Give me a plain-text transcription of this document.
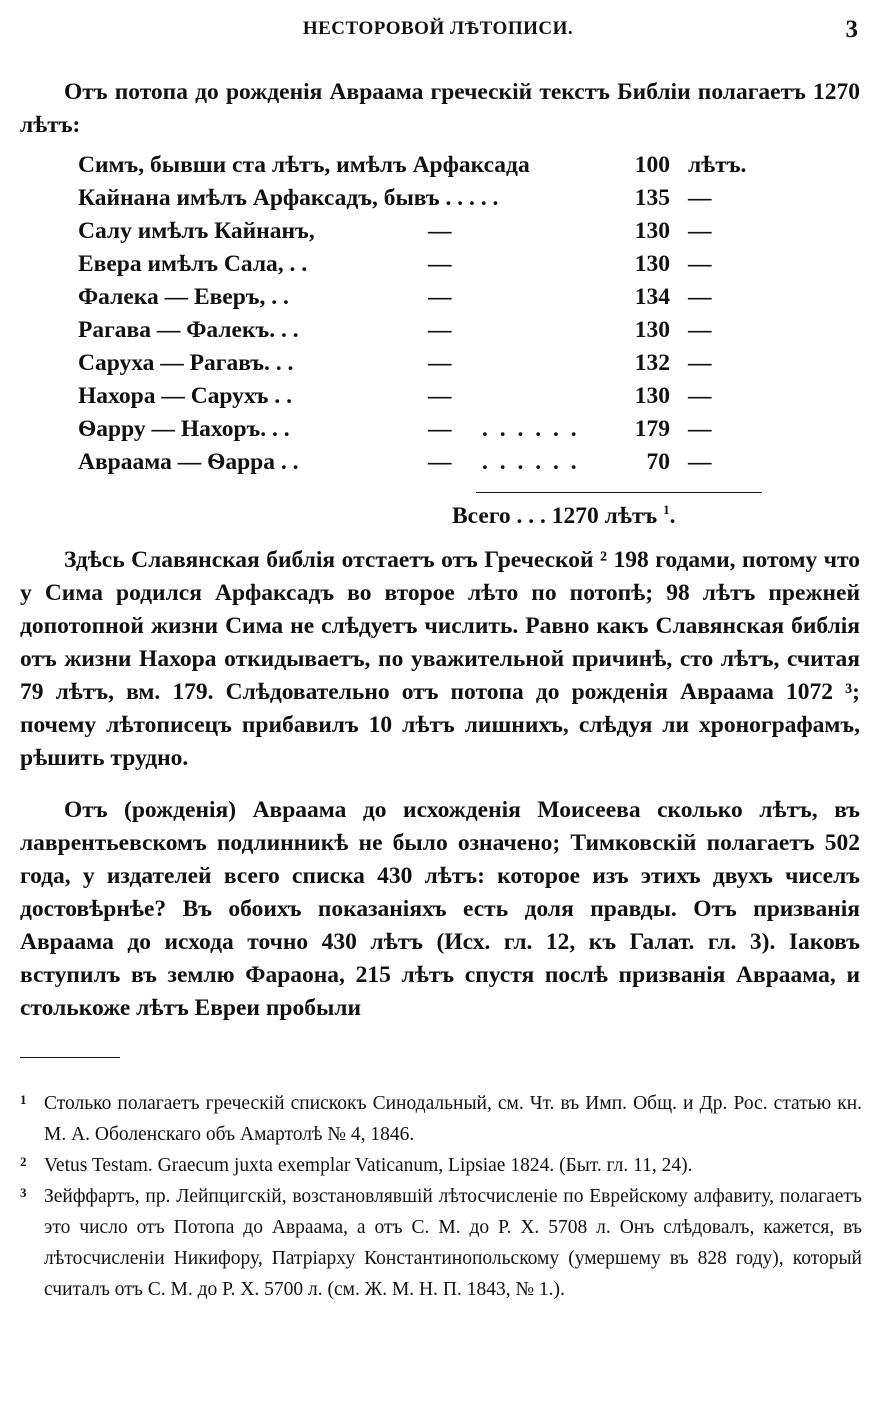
НЕСТОРОВОЙ ЛѢТОПИСИ.	3

Отъ потопа до рожденія Авраама греческій текстъ Библіи полагаетъ 1270 лѣтъ:

Симъ, бывши ста лѣтъ, имѣлъ Арфаксада	100 лѣтъ.
Кайнана имѣлъ Арфаксадъ, бывъ . . . . .	135 —
Салу имѣлъ Кайнанъ,	—	130 —
Евера имѣлъ Сала, . .	—	130 —
Фалека — Еверъ, . .	—	134 —
Рагава — Фалекъ. . .	—	130 —
Саруха — Рагавъ. . .	—	132 —
Нахора — Сарухъ . .	—	130 —
Ѳарру — Нахоръ. . .	— . . . . . .	179 —
Авраама — Ѳарра . .	— . . . . . .	70 —
Всего . . . 1270 лѣтъ $^1$.

Здѣсь Славянская библія отстаетъ отъ Греческой ² 198 годами, потому что у Сима родился Арфаксадъ во второе лѣто по потопѣ; 98 лѣтъ прежней допотопной жизни Сима не слѣдуетъ числить. Равно какъ Славянская библія отъ жизни Нахора откидываетъ, по уважительной причинѣ, сто лѣтъ, считая 79 лѣтъ, вм. 179. Слѣдовательно отъ потопа до рожденія Авраама 1072 ³; почему лѣтописецъ прибавилъ 10 лѣтъ лишнихъ, слѣдуя ли хронографамъ, рѣшить трудно.

Отъ (рожденія) Авраама до исхожденія Моисеева сколько лѣтъ, въ лаврентьевскомъ подлинникѣ не было означено; Тимковскій полагаетъ 502 года, у издателей всего списка 430 лѣтъ: которое изъ этихъ двухъ чиселъ достовѣрнѣе? Въ обоихъ показаніяхъ есть доля правды. Отъ призванія Авраама до исхода точно 430 лѣтъ (Исх. гл. 12, къ Галат. гл. 3). Іаковъ вступилъ въ землю Фараона, 215 лѣтъ спустя послѣ призванія Авраама, и столькоже лѣтъ Евреи пробыли

1 Столько полагаетъ греческій спискокъ Синодальный, см. Чт. въ Имп. Общ. и Др. Рос. статью кн. М. А. Оболенскаго объ Амартолѣ № 4, 1846.
2 Vetus Testam. Graecum juxta exemplar Vaticanum, Lipsiae 1824. (Быт. гл. 11, 24).
3 Зейффартъ, пр. Лейпцигскій, возстановлявшій лѣтосчисленіе по Еврейскому алфавиту, полагаетъ это число отъ Потопа до Авраама, а отъ С. М. до Р. Х. 5708 л. Онъ слѣдовалъ, кажется, въ лѣтосчисленіи Никифору, Патріарху Константинопольскому (умершему въ 828 году), который считалъ отъ С. М. до Р. Х. 5700 л. (см. Ж. М. Н. П. 1843, № 1.).
